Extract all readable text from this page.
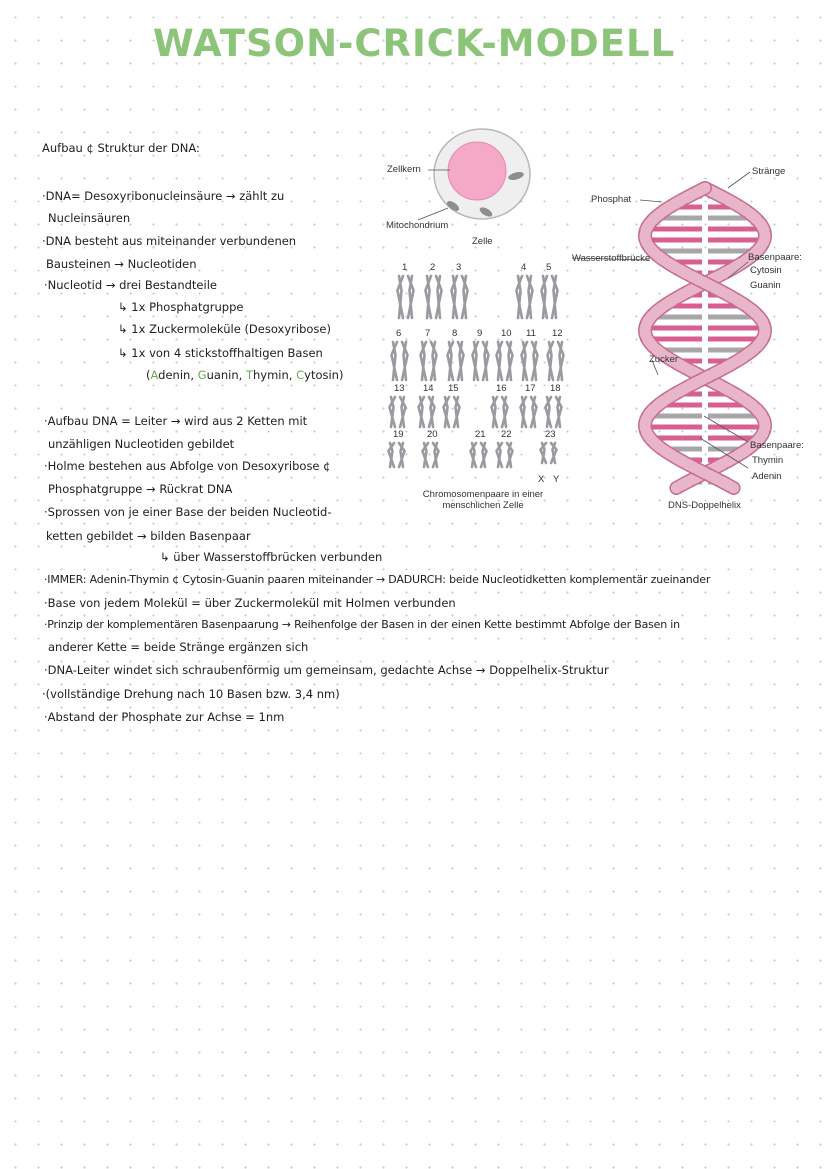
WATSON-CRICK-MODELL
Aufbau ¢ Struktur der DNA:
·DNA= Desoxyribonucleinsäure → zählt zu
Nucleinsäuren
·DNA besteht aus miteinander verbundenen
Bausteinen → Nucleotiden
·Nucleotid → drei Bestandteile
↳ 1x Phosphatgruppe
↳ 1x Zuckermoleküle (Desoxyribose)
↳ 1x von 4 stickstoffhaltigen Basen
(Adenin, Guanin, Thymin, Cytosin)
·Aufbau DNA = Leiter → wird aus 2 Ketten mit
unzähligen Nucleotiden gebildet
·Holme bestehen aus Abfolge von Desoxyribose ¢
Phosphatgruppe → Rückrat DNA
·Sprossen von je einer Base der beiden Nucleotid-
ketten gebildet → bilden Basenpaar
↳ über Wasserstoffbrücken verbunden
·IMMER: Adenin-Thymin ¢ Cytosin-Guanin paaren miteinander → DADURCH: beide Nucleotidketten komplementär zueinander
·Base von jedem Molekül = über Zuckermolekül mit Holmen verbunden
·Prinzip der komplementären Basenpaarung → Reihenfolge der Basen in der einen Kette bestimmt Abfolge der Basen in
anderer Kette = beide Stränge ergänzen sich
·DNA-Leiter windet sich schraubenförmig um gemeinsam, gedachte Achse → Doppelhelix-Struktur
·(vollständige Drehung nach 10 Basen bzw. 3,4 nm)
·Abstand der Phosphate zur Achse = 1nm
Zellkern
Mitochondrium
Zelle
1 2 3	4 5
6 7 8 9 10 11 12
13 14 15	16 17 18
19 20	21 22	23
X Y
Chromosomenpaare in einer
menschlichen Zelle
Stränge
Phosphat
Wasserstoffbrücke	Basenpaare:
Cytosin
Guanin
Zucker
Basenpaare:
Thymin
Adenin
DNS-Doppelhelix
